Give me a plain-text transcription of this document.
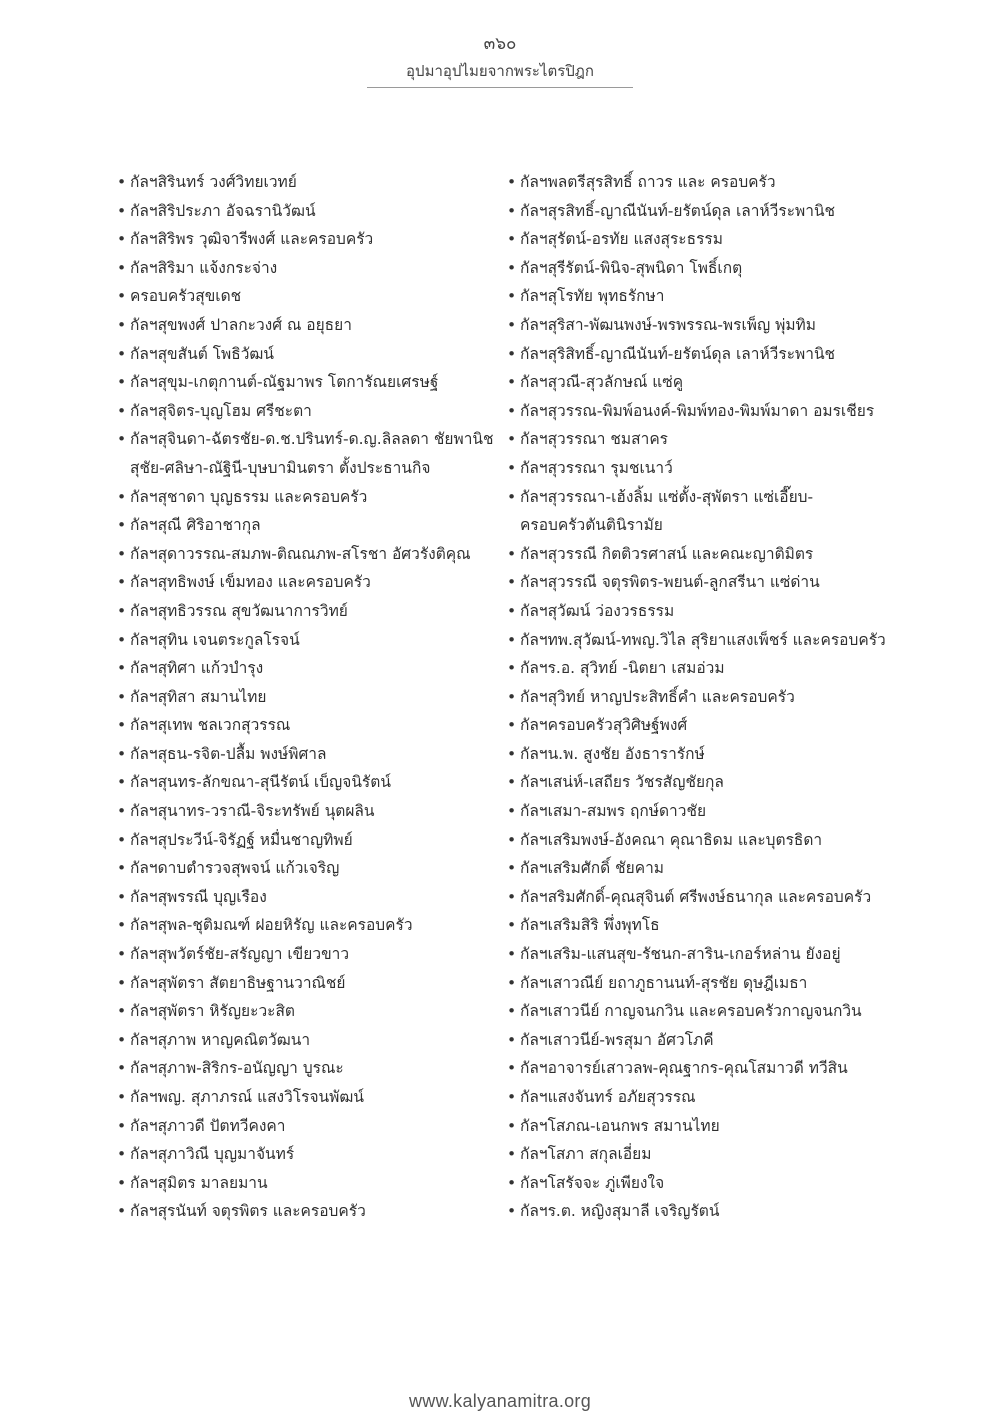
๓๖๐
อุปมาอุปไมยจากพระไตรปิฎก
• กัลฯสิรินทร์ วงศ์วิทยเวทย์
• กัลฯสิริประภา อัจฉรานิวัฒน์
• กัลฯสิริพร วุฒิจารีพงศ์ และครอบครัว
• กัลฯสิริมา แจ้งกระจ่าง
• ครอบครัวสุขเดช
• กัลฯสุขพงศ์ ปาลกะวงศ์ ณ อยุธยา
• กัลฯสุขสันต์ โพธิวัฒน์
• กัลฯสุขุม-เกตุกานต์-ณัฐมาพร โตการัณยเศรษฐ์
• กัลฯสุจิตร-บุญโฮม ศรีชะตา
• กัลฯสุจินดา-ฉัตรชัย-ด.ช.ปรินทร์-ด.ญ.ลิลลดา ชัยพานิช
สุชัย-ศลิษา-ณัฐินี-บุษบามินตรา ตั้งประธานกิจ
• กัลฯสุชาดา บุญธรรม และครอบครัว
• กัลฯสุณี ศิริอาชากุล
• กัลฯสุดาวรรณ-สมภพ-ติณณภพ-สโรชา อัศวรังติคุณ
• กัลฯสุทธิพงษ์ เข็มทอง และครอบครัว
• กัลฯสุทธิวรรณ สุขวัฒนาการวิทย์
• กัลฯสุทิน เจนตระกูลโรจน์
• กัลฯสุทิศา แก้วบำรุง
• กัลฯสุทิสา สมานไทย
• กัลฯสุเทพ ชลเวกสุวรรณ
• กัลฯสุธน-รจิต-ปลื้ม พงษ์พิศาล
• กัลฯสุนทร-ลักขณา-สุนีรัตน์ เบ็ญจนิรัตน์
• กัลฯสุนาทร-วราณี-จิระทรัพย์ นุตผลิน
• กัลฯสุประวีน์-จิรัฏฐ์ หมื่นชาญทิพย์
• กัลฯดาบตำรวจสุพจน์ แก้วเจริญ
• กัลฯสุพรรณี บุญเรือง
• กัลฯสุพล-ชุติมณฑ์ ฝอยหิรัญ และครอบครัว
• กัลฯสุพวัตร์ชัย-สรัญญา เขียวขาว
• กัลฯสุพัตรา สัตยาธิษฐานวาณิชย์
• กัลฯสุพัตรา หิรัญยะวะสิต
• กัลฯสุภาพ หาญคณิตวัฒนา
• กัลฯสุภาพ-สิริกร-อนัญญา บูรณะ
• กัลฯพญ. สุภาภรณ์ แสงวิโรจนพัฒน์
• กัลฯสุภาวดี ปัตทวีคงคา
• กัลฯสุภาวิณี บุญมาจันทร์
• กัลฯสุมิตร มาลยมาน
• กัลฯสุรนันท์ จตุรพิตร และครอบครัว
• กัลฯพลตรีสุรสิทธิ์ ถาวร และ ครอบครัว
• กัลฯสุรสิทธิ์-ญาณีนันท์-ยรัตน์ดุล เลาห์วีระพานิช
• กัลฯสุรัตน์-อรทัย แสงสุระธรรม
• กัลฯสุรีรัตน์-พินิจ-สุพนิดา โพธิ์เกตุ
• กัลฯสุโรทัย พุทธรักษา
• กัลฯสุริสา-พัฒนพงษ์-พรพรรณ-พรเพ็ญ พุ่มทิม
• กัลฯสุริสิทธิ์-ญาณีนันท์-ยรัตน์ดุล เลาห์วีระพานิช
• กัลฯสุวณี-สุวลักษณ์ แซ่คู
• กัลฯสุวรรณ-พิมพ์อนงค์-พิมพ์ทอง-พิมพ์มาดา อมรเชียร
• กัลฯสุวรรณา ชมสาคร
• กัลฯสุวรรณา รุมชเนาว์
• กัลฯสุวรรณา-เฮ้งลิ้ม แซ่ตั้ง-สุพัตรา แซ่เอี๊ยบ-
ครอบครัวตันตินิรามัย
• กัลฯสุวรรณี กิตติวรศาสน์ และคณะญาติมิตร
• กัลฯสุวรรณี จตุรพิตร-พยนต์-ลูกสรีนา แซ่ด่าน
• กัลฯสุวัฒน์ ว่องวรธรรม
• กัลฯทพ.สุวัฒน์-ทพญ.วิไล สุริยาแสงเพ็ชร์ และครอบครัว
• กัลฯร.อ. สุวิทย์ -นิตยา เสมอ่วม
• กัลฯสุวิทย์ หาญประสิทธิ์คำ และครอบครัว
• กัลฯครอบครัวสุวิศิษฐ์พงศ์
• กัลฯน.พ. สูงชัย อังธารารักษ์
• กัลฯเสน่ห์-เสถียร วัชรสัญชัยกุล
• กัลฯเสมา-สมพร ฤกษ์ดาวชัย
• กัลฯเสริมพงษ์-อังคณา คุณาธิดม และบุตรธิดา
• กัลฯเสริมศักดิ์ ชัยคาม
• กัลฯสริมศักดิ์-คุณสุจินต์ ศรีพงษ์ธนากุล และครอบครัว
• กัลฯเสริมสิริ พึ่งพุทโธ
• กัลฯเสริม-แสนสุข-รัชนก-สาริน-เกอร์หล่าน ยังอยู่
• กัลฯเสาวณีย์ ยถาภูธานนท์-สุรชัย ดุษฎีเมธา
• กัลฯเสาวนีย์ กาญจนกวิน และครอบครัวกาญจนกวิน
• กัลฯเสาวนีย์-พรสุมา อัศวโภคี
• กัลฯอาจารย์เสาวลพ-คุณฐากร-คุณโสมาวดี ทวีสิน
• กัลฯแสงจันทร์ อภัยสุวรรณ
• กัลฯโสภณ-เอนกพร สมานไทย
• กัลฯโสภา สกุลเอี่ยม
• กัลฯโสรัจจะ ภู่เพียงใจ
• กัลฯร.ต. หญิงสุมาลี เจริญรัตน์
www.kalyanamitra.org
